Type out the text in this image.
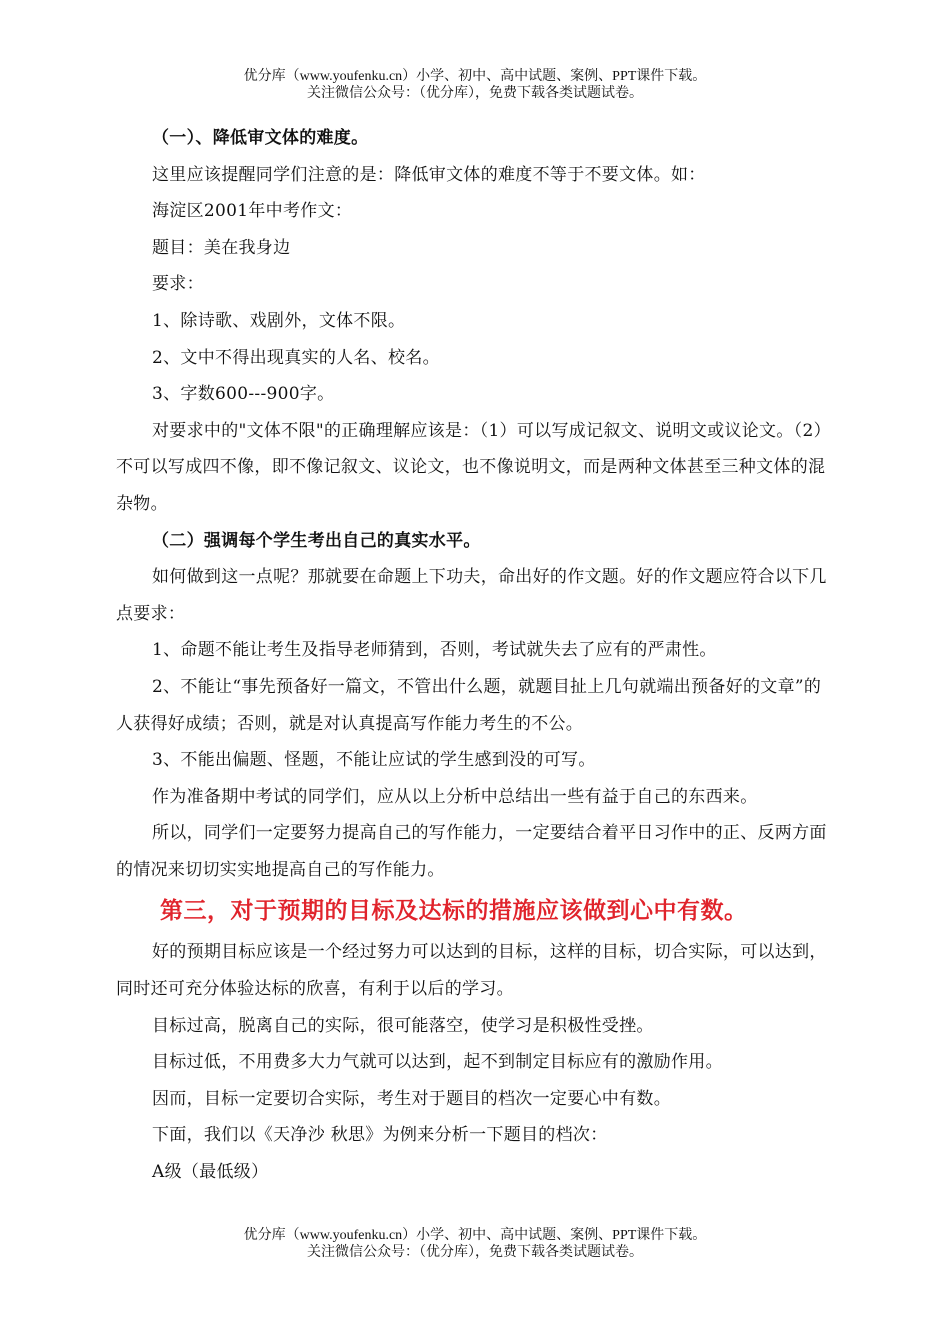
优分库（www.youfenku.cn）小学、初中、高中试题、案例、PPT课件下载。
关注微信公众号：（优分库），免费下载各类试题试卷。

（一）、降低审文体的难度。

这里应该提醒同学们注意的是：降低审文体的难度不等于不要文体。如：

海淀区2001年中考作文：

题目：美在我身边

要求：

1、除诗歌、戏剧外，文体不限。

2、文中不得出现真实的人名、校名。

3、字数600---900字。

对要求中的"文体不限"的正确理解应该是：（1）可以写成记叙文、说明文或议论文。（2）不可以写成四不像，即不像记叙文、议论文，也不像说明文，而是两种文体甚至三种文体的混杂物。

（二）强调每个学生考出自己的真实水平。

如何做到这一点呢？那就要在命题上下功夫，命出好的作文题。好的作文题应符合以下几点要求：

1、命题不能让考生及指导老师猜到，否则，考试就失去了应有的严肃性。

2、不能让“事先预备好一篇文，不管出什么题，就题目扯上几句就端出预备好的文章”的人获得好成绩；否则，就是对认真提高写作能力考生的不公。

3、不能出偏题、怪题，不能让应试的学生感到没的可写。

作为准备期中考试的同学们，应从以上分析中总结出一些有益于自己的东西来。

所以，同学们一定要努力提高自己的写作能力，一定要结合着平日习作中的正、反两方面的情况来切切实实地提高自己的写作能力。

第三，对于预期的目标及达标的措施应该做到心中有数。

好的预期目标应该是一个经过努力可以达到的目标，这样的目标，切合实际，可以达到，同时还可充分体验达标的欣喜，有利于以后的学习。

目标过高，脱离自己的实际，很可能落空，使学习是积极性受挫。

目标过低，不用费多大力气就可以达到，起不到制定目标应有的激励作用。

因而，目标一定要切合实际，考生对于题目的档次一定要心中有数。

下面，我们以《天净沙 秋思》为例来分析一下题目的档次：

A级（最低级）

优分库（www.youfenku.cn）小学、初中、高中试题、案例、PPT课件下载。
关注微信公众号：（优分库），免费下载各类试题试卷。
